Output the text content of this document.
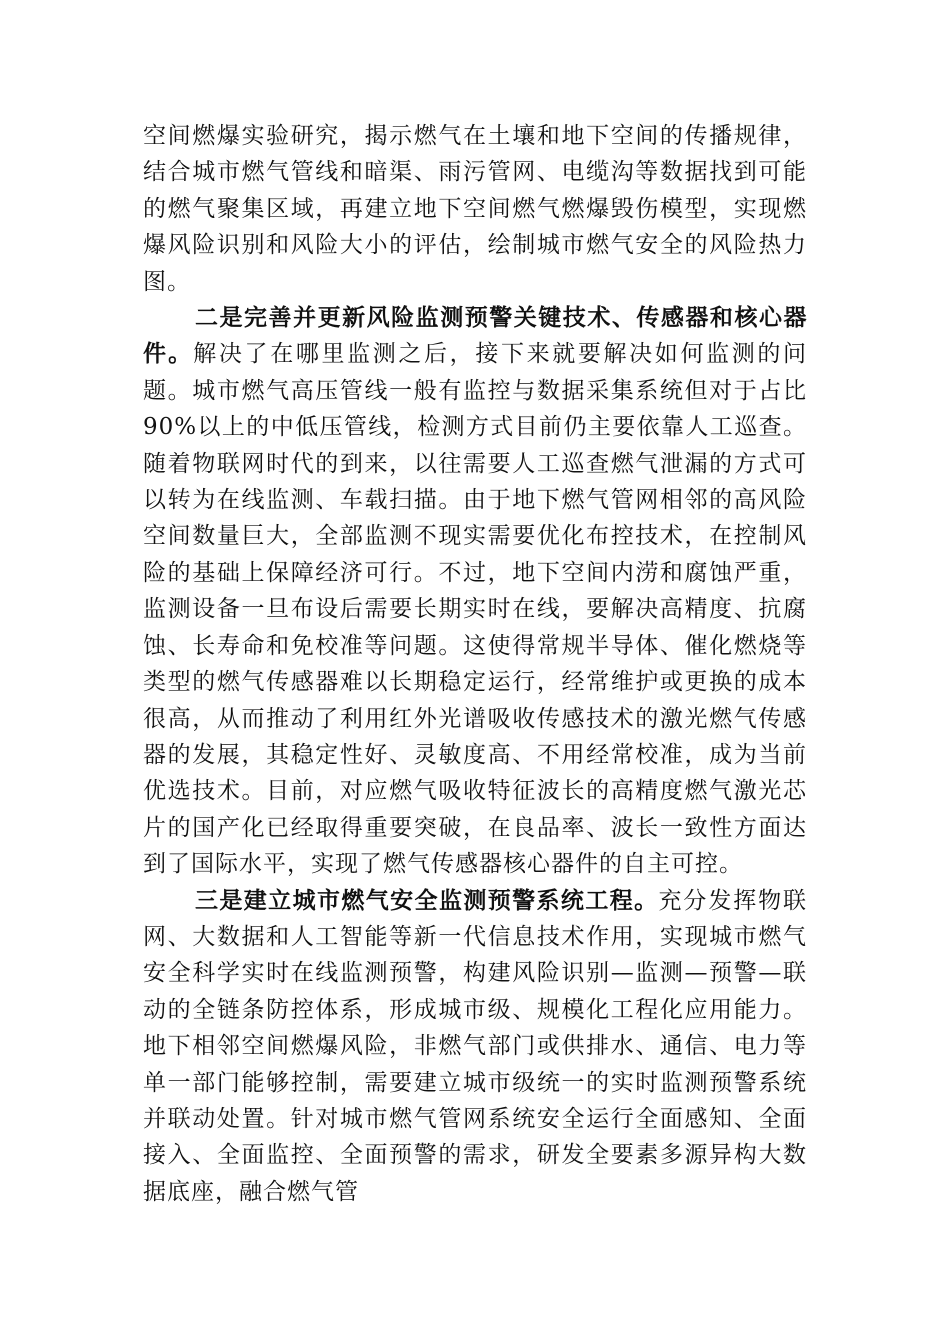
空间燃爆实验研究，揭示燃气在土壤和地下空间的传播规律，结合城市燃气管线和暗渠、雨污管网、电缆沟等数据找到可能的燃气聚集区域，再建立地下空间燃气燃爆毁伤模型，实现燃爆风险识别和风险大小的评估，绘制城市燃气安全的风险热力图。

二是完善并更新风险监测预警关键技术、传感器和核心器件。解决了在哪里监测之后，接下来就要解决如何监测的问题。城市燃气高压管线一般有监控与数据采集系统但对于占比90%以上的中低压管线，检测方式目前仍主要依靠人工巡查。随着物联网时代的到来，以往需要人工巡查燃气泄漏的方式可以转为在线监测、车载扫描。由于地下燃气管网相邻的高风险空间数量巨大，全部监测不现实需要优化布控技术，在控制风险的基础上保障经济可行。不过，地下空间内涝和腐蚀严重，监测设备一旦布设后需要长期实时在线，要解决高精度、抗腐蚀、长寿命和免校准等问题。这使得常规半导体、催化燃烧等类型的燃气传感器难以长期稳定运行，经常维护或更换的成本很高，从而推动了利用红外光谱吸收传感技术的激光燃气传感器的发展，其稳定性好、灵敏度高、不用经常校准，成为当前优选技术。目前，对应燃气吸收特征波长的高精度燃气激光芯片的国产化已经取得重要突破，在良品率、波长一致性方面达到了国际水平，实现了燃气传感器核心器件的自主可控。

三是建立城市燃气安全监测预警系统工程。充分发挥物联网、大数据和人工智能等新一代信息技术作用，实现城市燃气安全科学实时在线监测预警，构建风险识别—监测—预警—联动的全链条防控体系，形成城市级、规模化工程化应用能力。地下相邻空间燃爆风险，非燃气部门或供排水、通信、电力等单一部门能够控制，需要建立城市级统一的实时监测预警系统并联动处置。针对城市燃气管网系统安全运行全面感知、全面接入、全面监控、全面预警的需求，研发全要素多源异构大数据底座，融合燃气管
